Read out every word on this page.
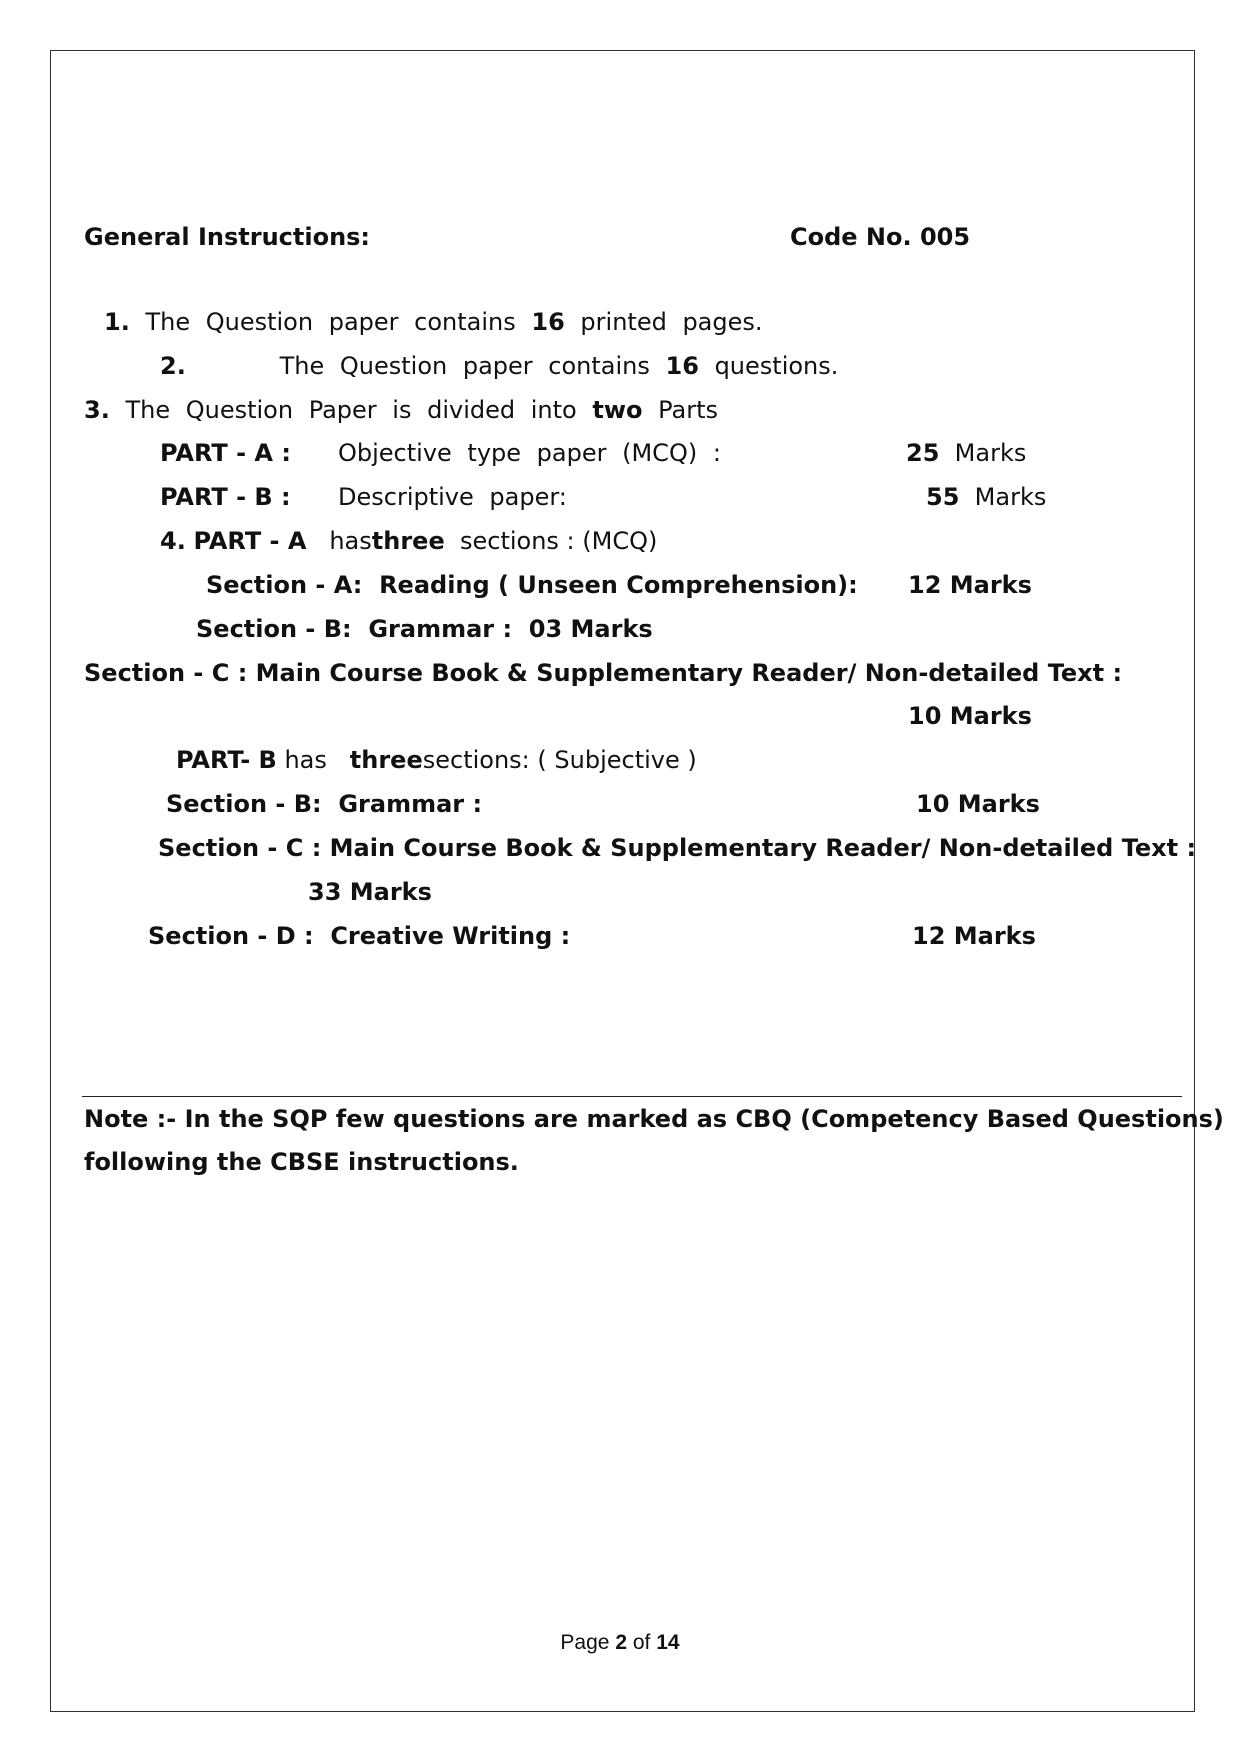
General Instructions:	Code No. 005
1. The Question paper contains 16 printed pages.
2.	The Question paper contains 16 questions.
3. The Question Paper is divided into two Parts
PART - A : Objective type paper (MCQ) :	25 Marks
PART - B : Descriptive paper:	55 Marks
4. PART - A hasthree sections : (MCQ)
Section - A:  Reading ( Unseen Comprehension): 12 Marks
Section - B:  Grammar :  03 Marks
Section - C : Main Course Book & Supplementary Reader/ Non-detailed Text :
10 Marks
PART- B has threesections: ( Subjective )
Section - B:  Grammar :	10 Marks
Section - C : Main Course Book & Supplementary Reader/ Non-detailed Text :
33 Marks
Section - D :  Creative Writing :	12 Marks
Note :- In the SQP few questions are marked as CBQ (Competency Based Questions)
following the CBSE instructions.
Page 2 of 14
